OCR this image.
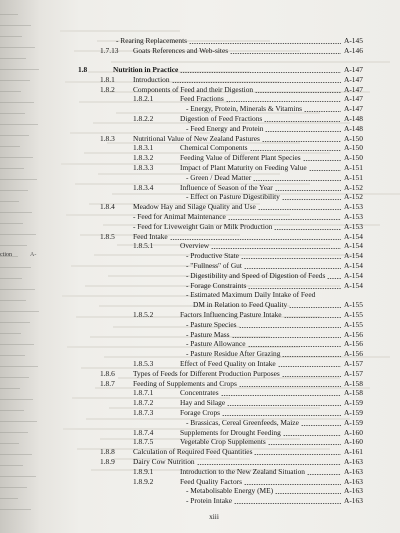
ction	A-
- Rearing Replacements	A-145
1.7.13 Goats References and Web-sites	A-146
1.8	Nutrition in Practice	A-147
1.8.1 Introduction	A-147
1.8.2 Components of Feed and their Digestion	A-147
1.8.2.1	Feed Fractions	A-147
- Energy, Protein, Minerals & Vitamins	A-147
1.8.2.2	Digestion of Feed Fractions	A-148
- Feed Energy and Protein	A-148
1.8.3 Nutritional Value of New Zealand Pastures	A-150
1.8.3.1	Chemical Components	A-150
1.8.3.2	Feeding Value of Different Plant Species	A-150
1.8.3.3	Impact of Plant Maturity on Feeding Value	A-151
- Green / Dead Matter	A-151
1.8.3.4	Influence of Season of the Year	A-152
- Effect on Pasture Digestibility	A-152
1.8.4 Meadow Hay and Silage Quality and Use	A-153
- Feed for Animal Maintenance	A-153
- Feed for Liveweight Gain or Milk Production	A-153
1.8.5 Feed Intake	A-154
1.8.5.1	Overview	A-154
- Productive State	A-154
- "Fullness" of Gut	A-154
- Digestibility and Speed of Digestion of Feeds	A-154
- Forage Constraints	A-154
- Estimated Maximum Daily Intake of Feed
DM in Relation to Feed Quality	A-155
1.8.5.2	Factors Influencing Pasture Intake	A-155
- Pasture Species	A-155
- Pasture Mass	A-156
- Pasture Allowance	A-156
- Pasture Residue After Grazing	A-156
1.8.5.3	Effect of Feed Quality on Intake	A-157
1.8.6 Types of Feeds for Different Production Purposes	A-157
1.8.7 Feeding of Supplements and Crops	A-158
1.8.7.1	Concentrates	A-158
1.8.7.2	Hay and Silage	A-159
1.8.7.3	Forage Crops	A-159
- Brassicas, Cereal Greenfeeds, Maize	A-159
1.8.7.4	Supplements for Drought Feeding	A-160
1.8.7.5	Vegetable Crop Supplements	A-160
1.8.8 Calculation of Required Feed Quantities	A-161
1.8.9 Dairy Cow Nutrition	A-163
1.8.9.1	Introduction to the New Zealand Situation	A-163
1.8.9.2	Feed Quality Factors	A-163
- Metabolisable Energy (ME)	A-163
- Protein Intake	A-163
xiii
